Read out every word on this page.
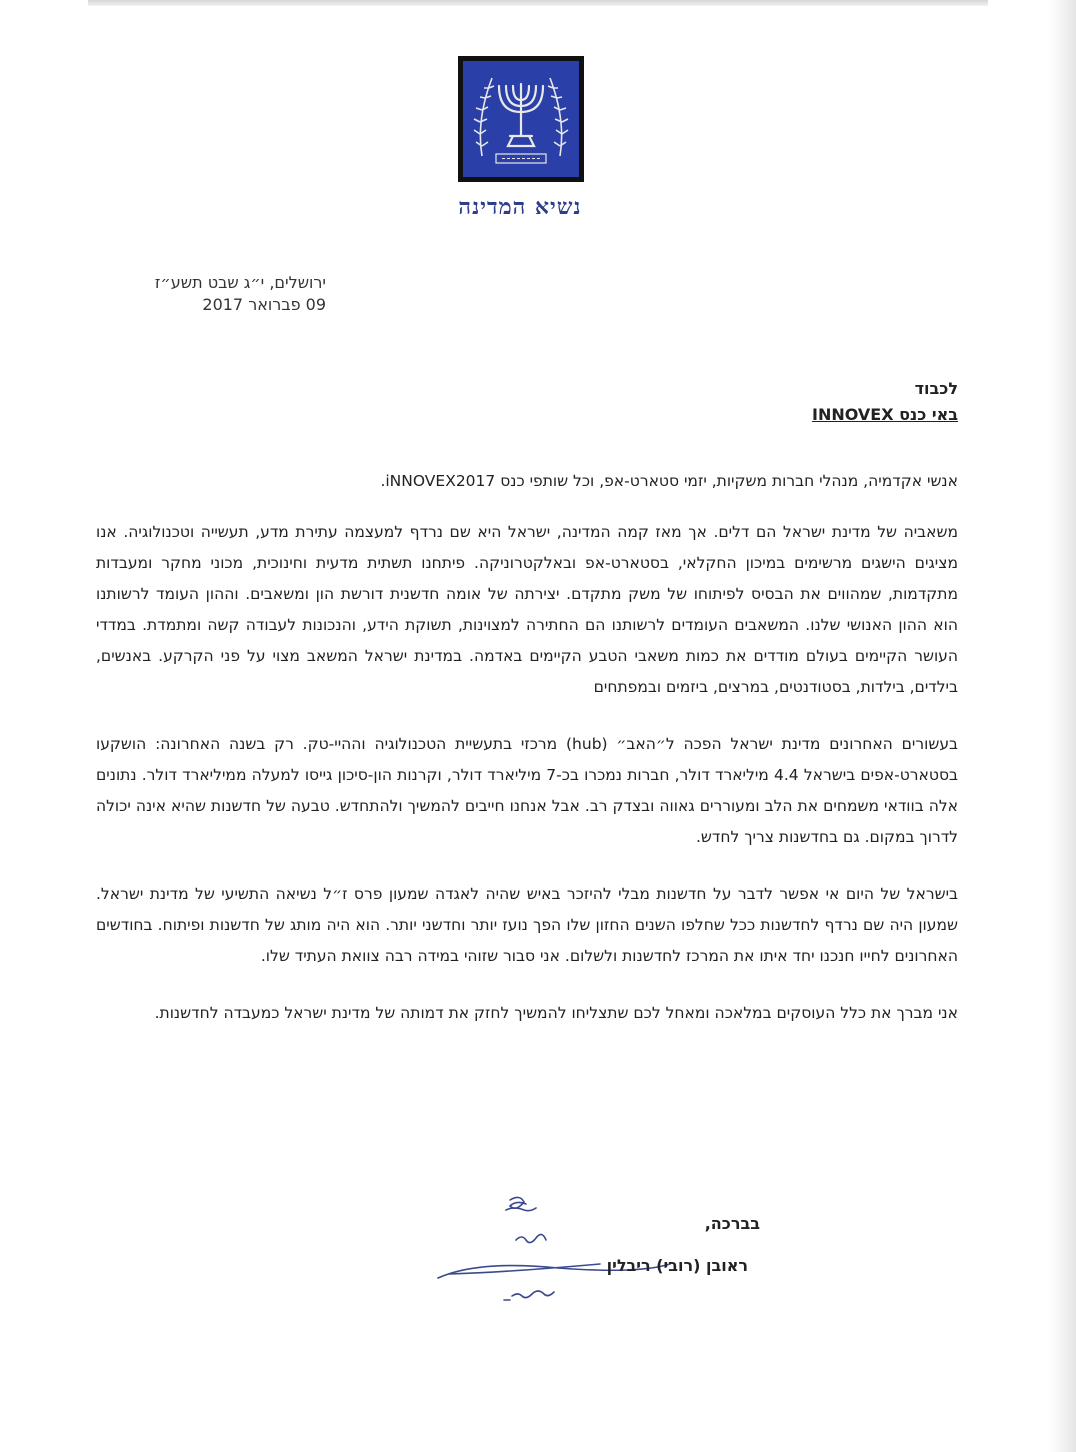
נשיא המדינה
ירושלים, י״ג שבט תשע״ז
09 פברואר 2017
לכבוד
באי כנס INNOVEX

אנשי אקדמיה, מנהלי חברות משקיות, יזמי סטארט-אפ, וכל שותפי כנס iNNOVEX2017.

משאביה של מדינת ישראל הם דלים. אך מאז קמה המדינה, ישראל היא שם נרדף למעצמה עתירת מדע, תעשייה וטכנולוגיה. אנו מציגים הישגים מרשימים במיכון החקלאי, בסטארט-אפ ובאלקטרוניקה. פיתחנו תשתית מדעית וחינוכית, מכוני מחקר ומעבדות מתקדמות, שמהווים את הבסיס לפיתוחו של משק מתקדם. יצירתה של אומה חדשנית דורשת הון ומשאבים. וההון העומד לרשותנו הוא ההון האנושי שלנו. המשאבים העומדים לרשותנו הם החתירה למצוינות, תשוקת הידע, והנכונות לעבודה קשה ומתמדת. במדדי העושר הקיימים בעולם מודדים את כמות משאבי הטבע הקיימים באדמה. במדינת ישראל המשאב מצוי על פני הקרקע. באנשים, בילדים, בילדות, בסטודנטים, במרצים, ביזמים ובמפתחים

בעשורים האחרונים מדינת ישראל הפכה ל״האב״ (hub) מרכזי בתעשיית הטכנולוגיה וההיי-טק. רק בשנה האחרונה: הושקעו בסטארט-אפים בישראל 4.4 מיליארד דולר, חברות נמכרו בכ-7 מיליארד דולר, וקרנות הון-סיכון גייסו למעלה ממיליארד דולר. נתונים אלה בוודאי משמחים את הלב ומעוררים גאווה ובצדק רב. אבל אנחנו חייבים להמשיך ולהתחדש. טבעה של חדשנות שהיא אינה יכולה לדרוך במקום. גם בחדשנות צריך לחדש.

בישראל של היום אי אפשר לדבר על חדשנות מבלי להיזכר באיש שהיה לאגדה שמעון פרס ז״ל נשיאה התשיעי של מדינת ישראל. שמעון היה שם נרדף לחדשנות ככל שחלפו השנים החזון שלו הפך נועז יותר וחדשני יותר. הוא היה מותג של חדשנות ופיתוח. בחודשים האחרונים לחייו חנכנו יחד איתו את המרכז לחדשנות ולשלום. אני סבור שזוהי במידה רבה צוואת העתיד שלו.

אני מברך את כלל העוסקים במלאכה ומאחל לכם שתצליחו להמשיך לחזק את דמותה של מדינת ישראל כמעבדה לחדשנות.

בברכה,
ראובן (רובי) ריבלין
